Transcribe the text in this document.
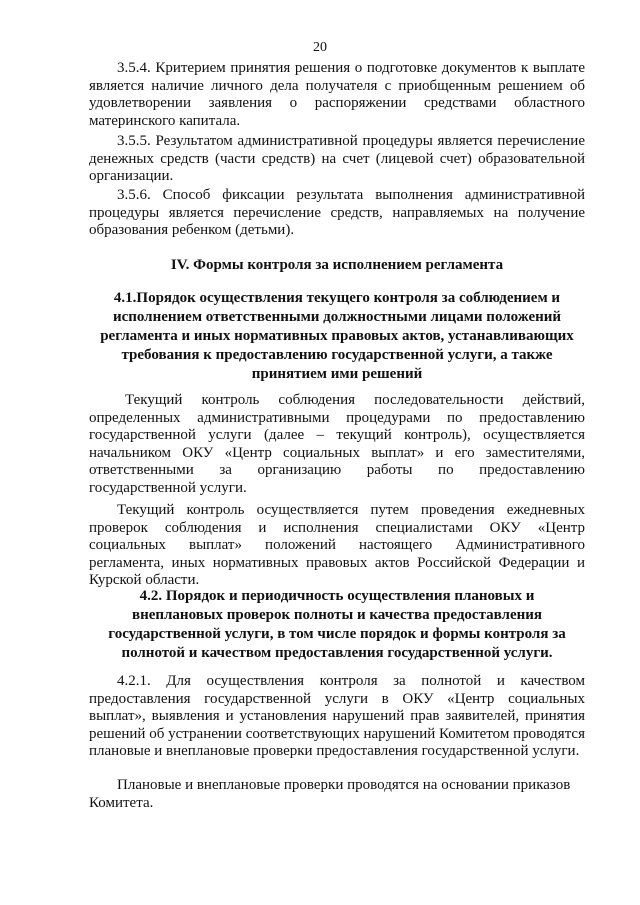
20
3.5.4. Критерием принятия решения о подготовке документов к выплате является наличие личного дела получателя с приобщенным решением об удовлетворении заявления о распоряжении средствами областного материнского капитала.
3.5.5. Результатом административной процедуры является перечисление денежных средств (части средств) на счет (лицевой счет) образовательной организации.
3.5.6. Способ фиксации результата выполнения административной процедуры является перечисление средств, направляемых на получение образования ребенком (детьми).
IV. Формы контроля за исполнением регламента
4.1.Порядок осуществления текущего контроля за соблюдением и исполнением ответственными должностными лицами положений регламента и иных нормативных правовых актов, устанавливающих требования к предоставлению государственной услуги, а также принятием ими решений
Текущий контроль соблюдения последовательности действий, определенных административными процедурами по предоставлению государственной услуги (далее – текущий контроль), осуществляется начальником ОКУ «Центр социальных выплат» и его заместителями, ответственными за организацию работы по предоставлению государственной услуги.
Текущий контроль осуществляется путем проведения ежедневных проверок соблюдения и исполнения специалистами ОКУ «Центр социальных выплат» положений настоящего Административного регламента, иных нормативных правовых актов Российской Федерации и Курской области.
4.2. Порядок и периодичность осуществления плановых и внеплановых проверок полноты и качества предоставления государственной услуги, в том числе порядок и формы контроля за полнотой и качеством предоставления государственной услуги.
4.2.1. Для осуществления контроля за полнотой и качеством предоставления государственной услуги в ОКУ «Центр социальных выплат», выявления и установления нарушений прав заявителей, принятия решений об устранении соответствующих нарушений Комитетом проводятся плановые и внеплановые проверки предоставления государственной услуги.
Плановые и внеплановые проверки проводятся на основании приказов Комитета.
